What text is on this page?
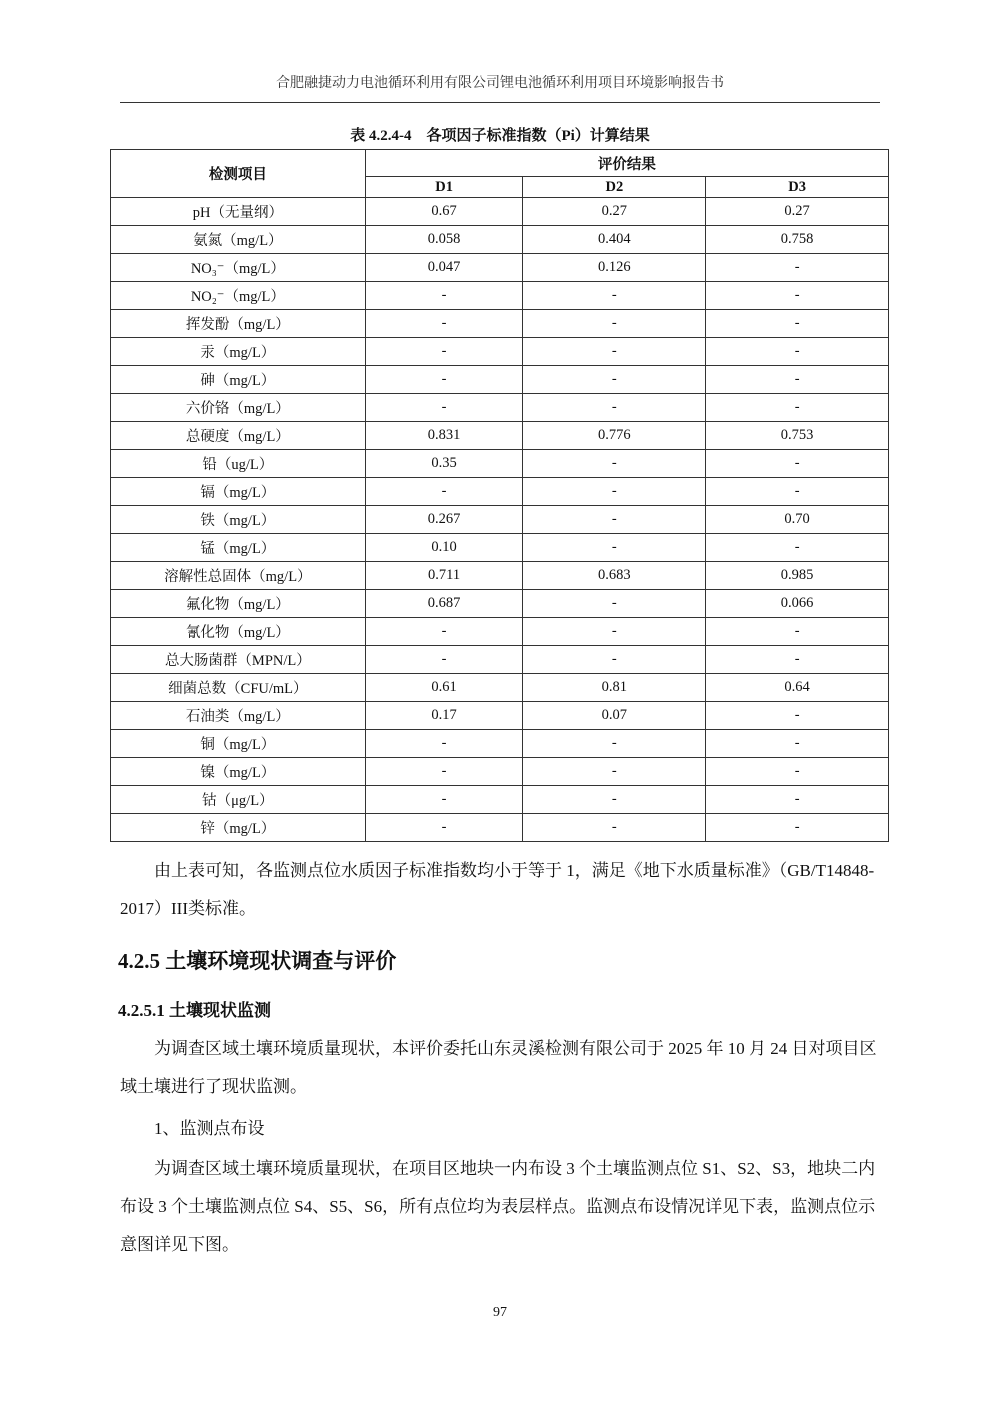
合肥融捷动力电池循环利用有限公司锂电池循环利用项目环境影响报告书
表 4.2.4-4　各项因子标准指数（Pi）计算结果
检测项目	评价结果		
	D1	D2	D3
pH（无量纲）	0.67	0.27	0.27
氨氮（mg/L）	0.058	0.404	0.758
NO₃⁻（mg/L）	0.047	0.126	-
NO₂⁻（mg/L）	-	-	-
挥发酚（mg/L）	-	-	-
汞（mg/L）	-	-	-
砷（mg/L）	-	-	-
六价铬（mg/L）	-	-	-
总硬度（mg/L）	0.831	0.776	0.753
铅（ug/L）	0.35	-	-
镉（mg/L）	-	-	-
铁（mg/L）	0.267	-	0.70
锰（mg/L）	0.10	-	-
溶解性总固体（mg/L）	0.711	0.683	0.985
氟化物（mg/L）	0.687	-	0.066
氰化物（mg/L）	-	-	-
总大肠菌群（MPN/L）	-	-	-
细菌总数（CFU/mL）	0.61	0.81	0.64
石油类（mg/L）	0.17	0.07	-
铜（mg/L）	-	-	-
镍（mg/L）	-	-	-
钴（μg/L）	-	-	-
锌（mg/L）	-	-	-
　　由上表可知，各监测点位水质因子标准指数均小于等于 1，满足《地下水质量标准》（GB/T14848-2017）III类标准。
4.2.5 土壤环境现状调查与评价
4.2.5.1 土壤现状监测
　　为调查区域土壤环境质量现状，本评价委托山东灵溪检测有限公司于 2025 年 10 月 24 日对项目区域土壤进行了现状监测。
　　1、监测点布设
　　为调查区域土壤环境质量现状，在项目区地块一内布设 3 个土壤监测点位 S1、S2、S3，地块二内布设 3 个土壤监测点位 S4、S5、S6，所有点位均为表层样点。监测点布设情况详见下表，监测点位示意图详见下图。
97
